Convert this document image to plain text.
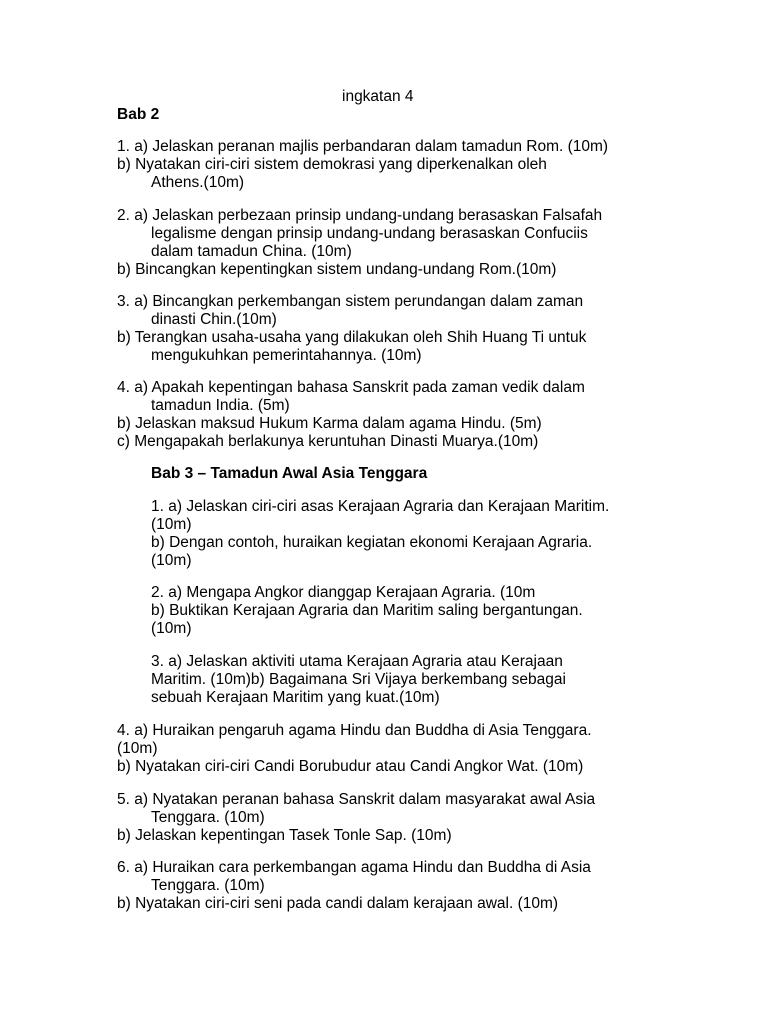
ingkatan 4
Bab 2
1. a) Jelaskan peranan majlis perbandaran dalam tamadun Rom. (10m)
b) Nyatakan ciri-ciri sistem demokrasi yang diperkenalkan oleh
Athens.(10m)
2. a) Jelaskan perbezaan prinsip undang-undang berasaskan Falsafah
legalisme dengan prinsip undang-undang berasaskan Confuciis
dalam tamadun China. (10m)
b) Bincangkan kepentingkan sistem undang-undang Rom.(10m)
3. a) Bincangkan perkembangan sistem perundangan dalam zaman
dinasti Chin.(10m)
b) Terangkan usaha-usaha yang dilakukan oleh Shih Huang Ti untuk
mengukuhkan pemerintahannya. (10m)
4. a) Apakah kepentingan bahasa Sanskrit pada zaman vedik dalam
tamadun India. (5m)
b) Jelaskan maksud Hukum Karma dalam agama Hindu. (5m)
c) Mengapakah berlakunya keruntuhan Dinasti Muarya.(10m)
Bab 3 – Tamadun Awal Asia Tenggara
1. a) Jelaskan ciri-ciri asas Kerajaan Agraria dan Kerajaan Maritim.
(10m)
b) Dengan contoh, huraikan kegiatan ekonomi Kerajaan Agraria.
(10m)
2. a) Mengapa Angkor dianggap Kerajaan Agraria. (10m
b) Buktikan Kerajaan Agraria dan Maritim saling bergantungan.
(10m)
3. a) Jelaskan aktiviti utama Kerajaan Agraria atau Kerajaan
Maritim. (10m)b) Bagaimana Sri Vijaya berkembang sebagai
sebuah Kerajaan Maritim yang kuat.(10m)
4. a) Huraikan pengaruh agama Hindu dan Buddha di Asia Tenggara.
(10m)
b) Nyatakan ciri-ciri Candi Borubudur atau Candi Angkor Wat. (10m)
5. a) Nyatakan peranan bahasa Sanskrit dalam masyarakat awal Asia
Tenggara. (10m)
b) Jelaskan kepentingan Tasek Tonle Sap. (10m)
6. a) Huraikan cara perkembangan agama Hindu dan Buddha di Asia
Tenggara. (10m)
b) Nyatakan ciri-ciri seni pada candi dalam kerajaan awal. (10m)
